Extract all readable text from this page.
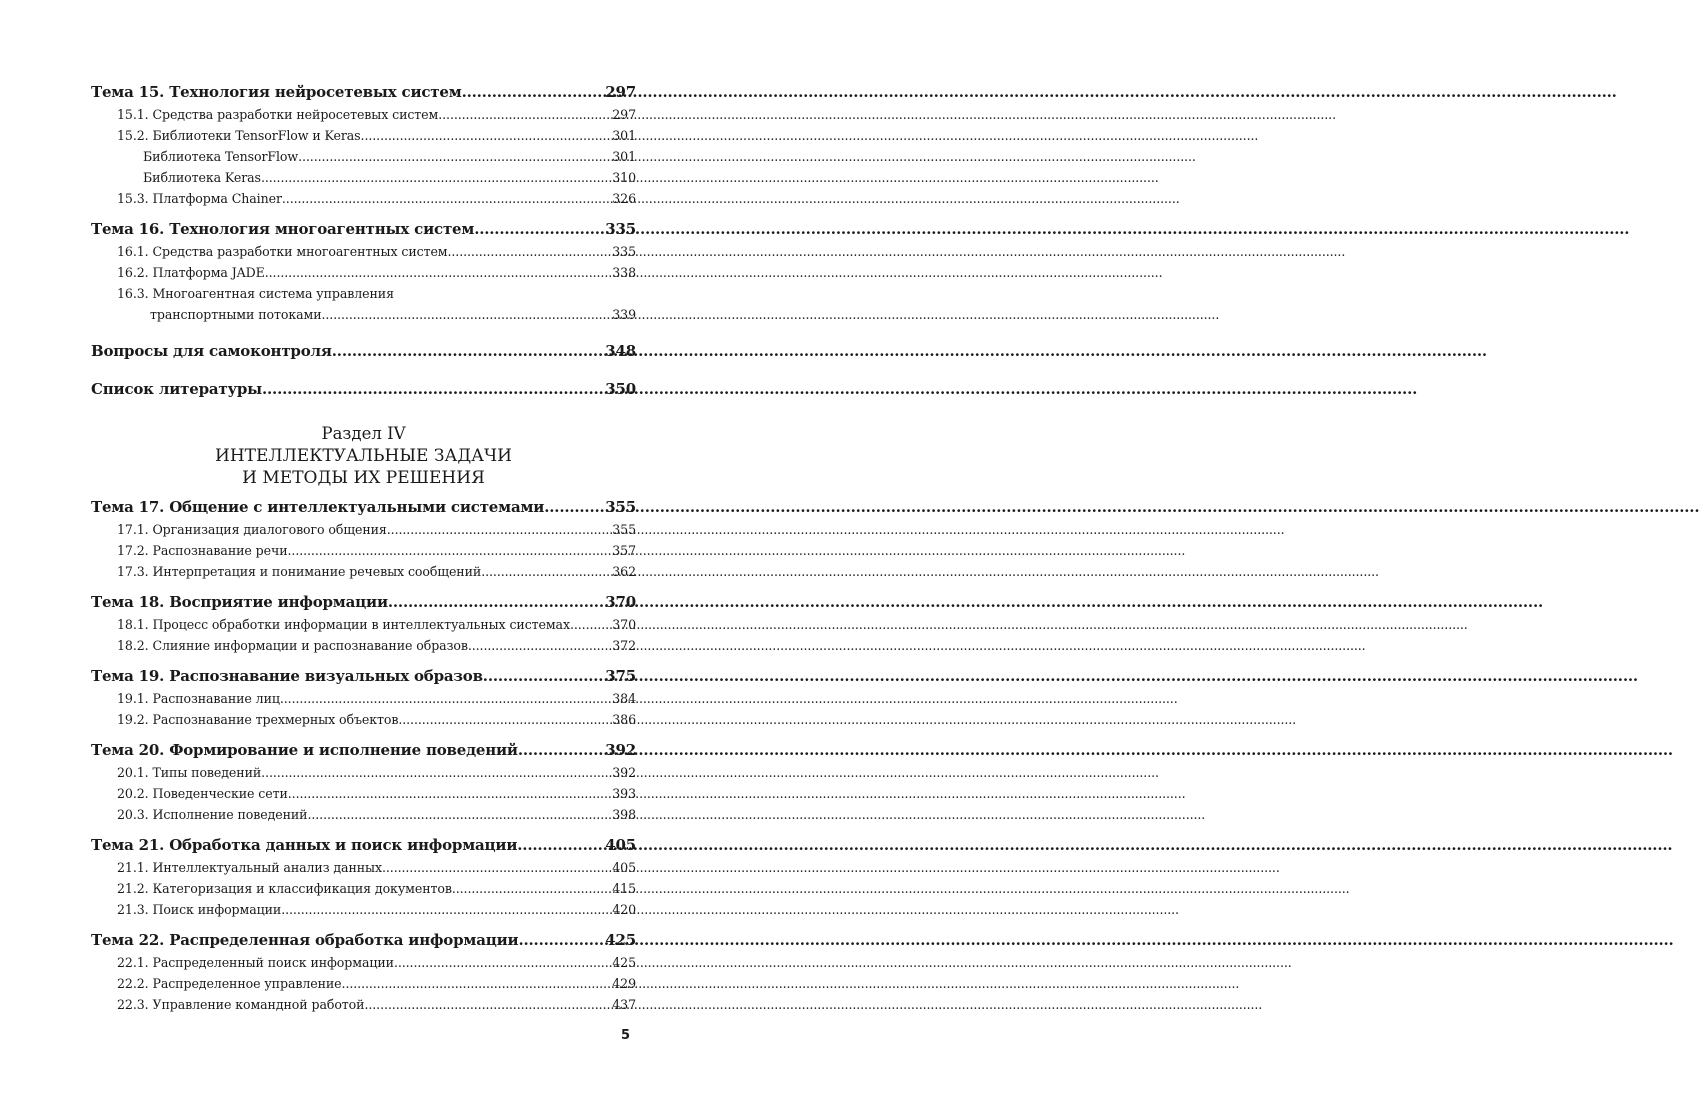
Тема 15. Технология нейросетевых систем .....	297
15.1. Средства разработки нейросетевых систем .....	297
15.2. Библиотеки TensorFlow и Keras .....	301
Библиотека TensorFlow .....	301
Библиотека Keras .....	310
15.3. Платформа Chainer .....	326
Тема 16. Технология многоагентных систем .....	335
16.1. Средства разработки многоагентных систем .....	335
16.2. Платформа JADE .....	338
16.3. Многоагентная система управления
транспортными потоками .....	339
Вопросы для самоконтроля .....	348
Список литературы .....	350
Раздел IV
ИНТЕЛЛЕКТУАЛЬНЫЕ ЗАДАЧИ
И МЕТОДЫ ИХ РЕШЕНИЯ
Тема 17. Общение с интеллектуальными системами .....	355
17.1. Организация диалогового общения .....	355
17.2. Распознавание речи .....	357
17.3. Интерпретация и понимание речевых сообщений .....	362
Тема 18. Восприятие информации .....	370
18.1. Процесс обработки информации в интеллектуальных системах .....	370
18.2. Слияние информации и распознавание образов .....	372
Тема 19. Распознавание визуальных образов .....	375
19.1. Распознавание лиц .....	384
19.2. Распознавание трехмерных объектов .....	386
Тема 20. Формирование и исполнение поведений .....	392
20.1. Типы поведений .....	392
20.2. Поведенческие сети .....	393
20.3. Исполнение поведений .....	398
Тема 21. Обработка данных и поиск информации .....	405
21.1. Интеллектуальный анализ данных .....	405
21.2. Категоризация и классификация документов .....	415
21.3. Поиск информации .....	420
Тема 22. Распределенная обработка информации .....	425
22.1. Распределенный поиск информации .....	425
22.2. Распределенное управление .....	429
22.3. Управление командной работой .....	437
5
